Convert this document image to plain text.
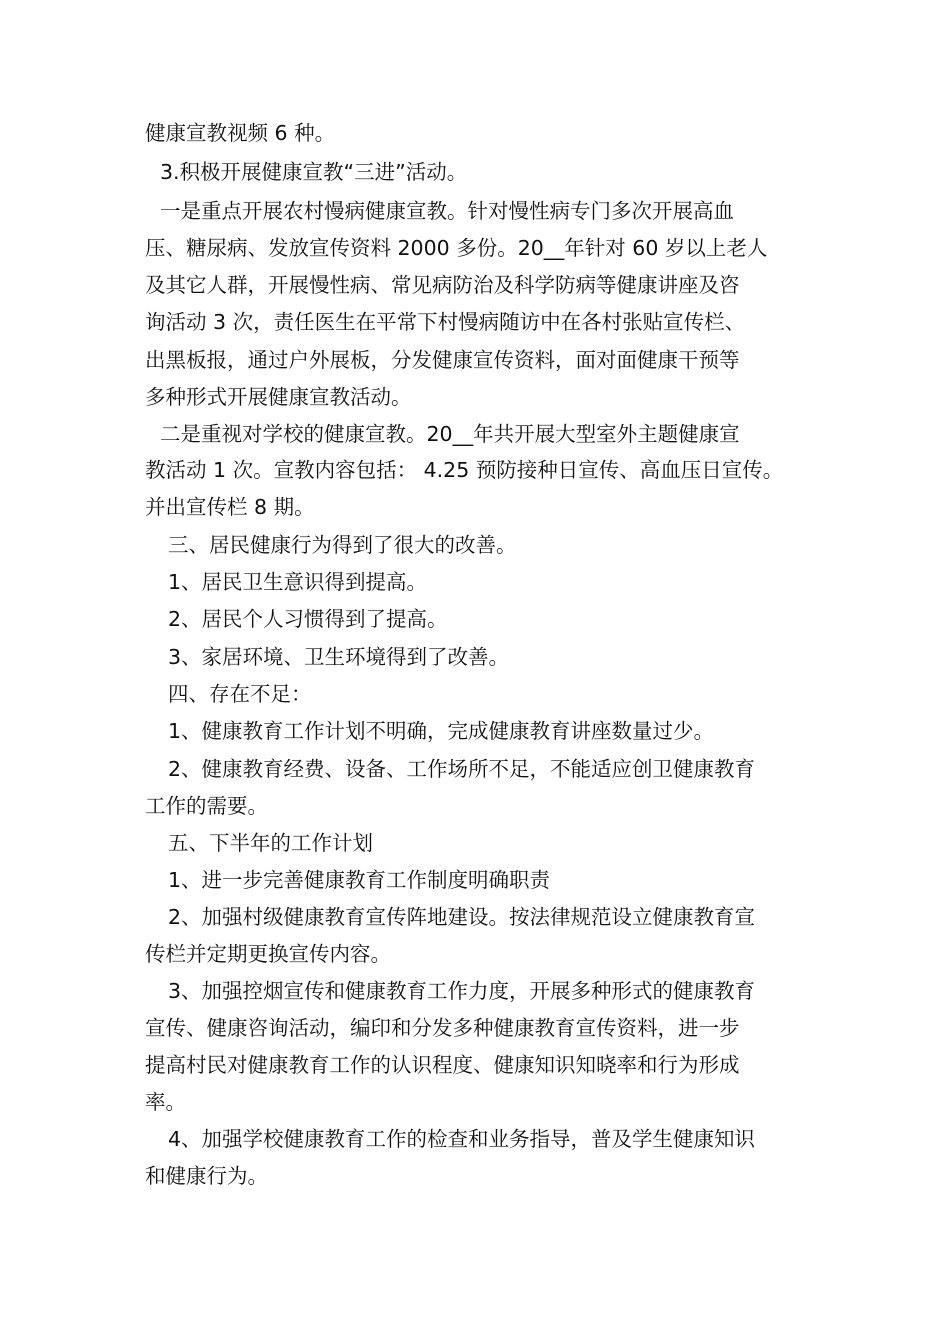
健康宣教视频 6 种。
3.积极开展健康宣教“三进”活动。
一是重点开展农村慢病健康宣教。针对慢性病专门多次开展高血
压、糖尿病、发放宣传资料 2000 多份。20__年针对 60 岁以上老人
及其它人群，开展慢性病、常见病防治及科学防病等健康讲座及咨
询活动 3 次，责任医生在平常下村慢病随访中在各村张贴宣传栏、
出黑板报，通过户外展板，分发健康宣传资料，面对面健康干预等
多种形式开展健康宣教活动。
二是重视对学校的健康宣教。20__年共开展大型室外主题健康宣
教活动 1 次。宣教内容包括： 4.25 预防接种日宣传、高血压日宣传。
并出宣传栏 8 期。
三、居民健康行为得到了很大的改善。
1、居民卫生意识得到提高。
2、居民个人习惯得到了提高。
3、家居环境、卫生环境得到了改善。
四、存在不足：
1、健康教育工作计划不明确，完成健康教育讲座数量过少。
2、健康教育经费、设备、工作场所不足，不能适应创卫健康教育
工作的需要。
五、下半年的工作计划
1、进一步完善健康教育工作制度明确职责
2、加强村级健康教育宣传阵地建设。按法律规范设立健康教育宣
传栏并定期更换宣传内容。
3、加强控烟宣传和健康教育工作力度，开展多种形式的健康教育
宣传、健康咨询活动，编印和分发多种健康教育宣传资料，进一步
提高村民对健康教育工作的认识程度、健康知识知晓率和行为形成
率。
4、加强学校健康教育工作的检查和业务指导，普及学生健康知识
和健康行为。
